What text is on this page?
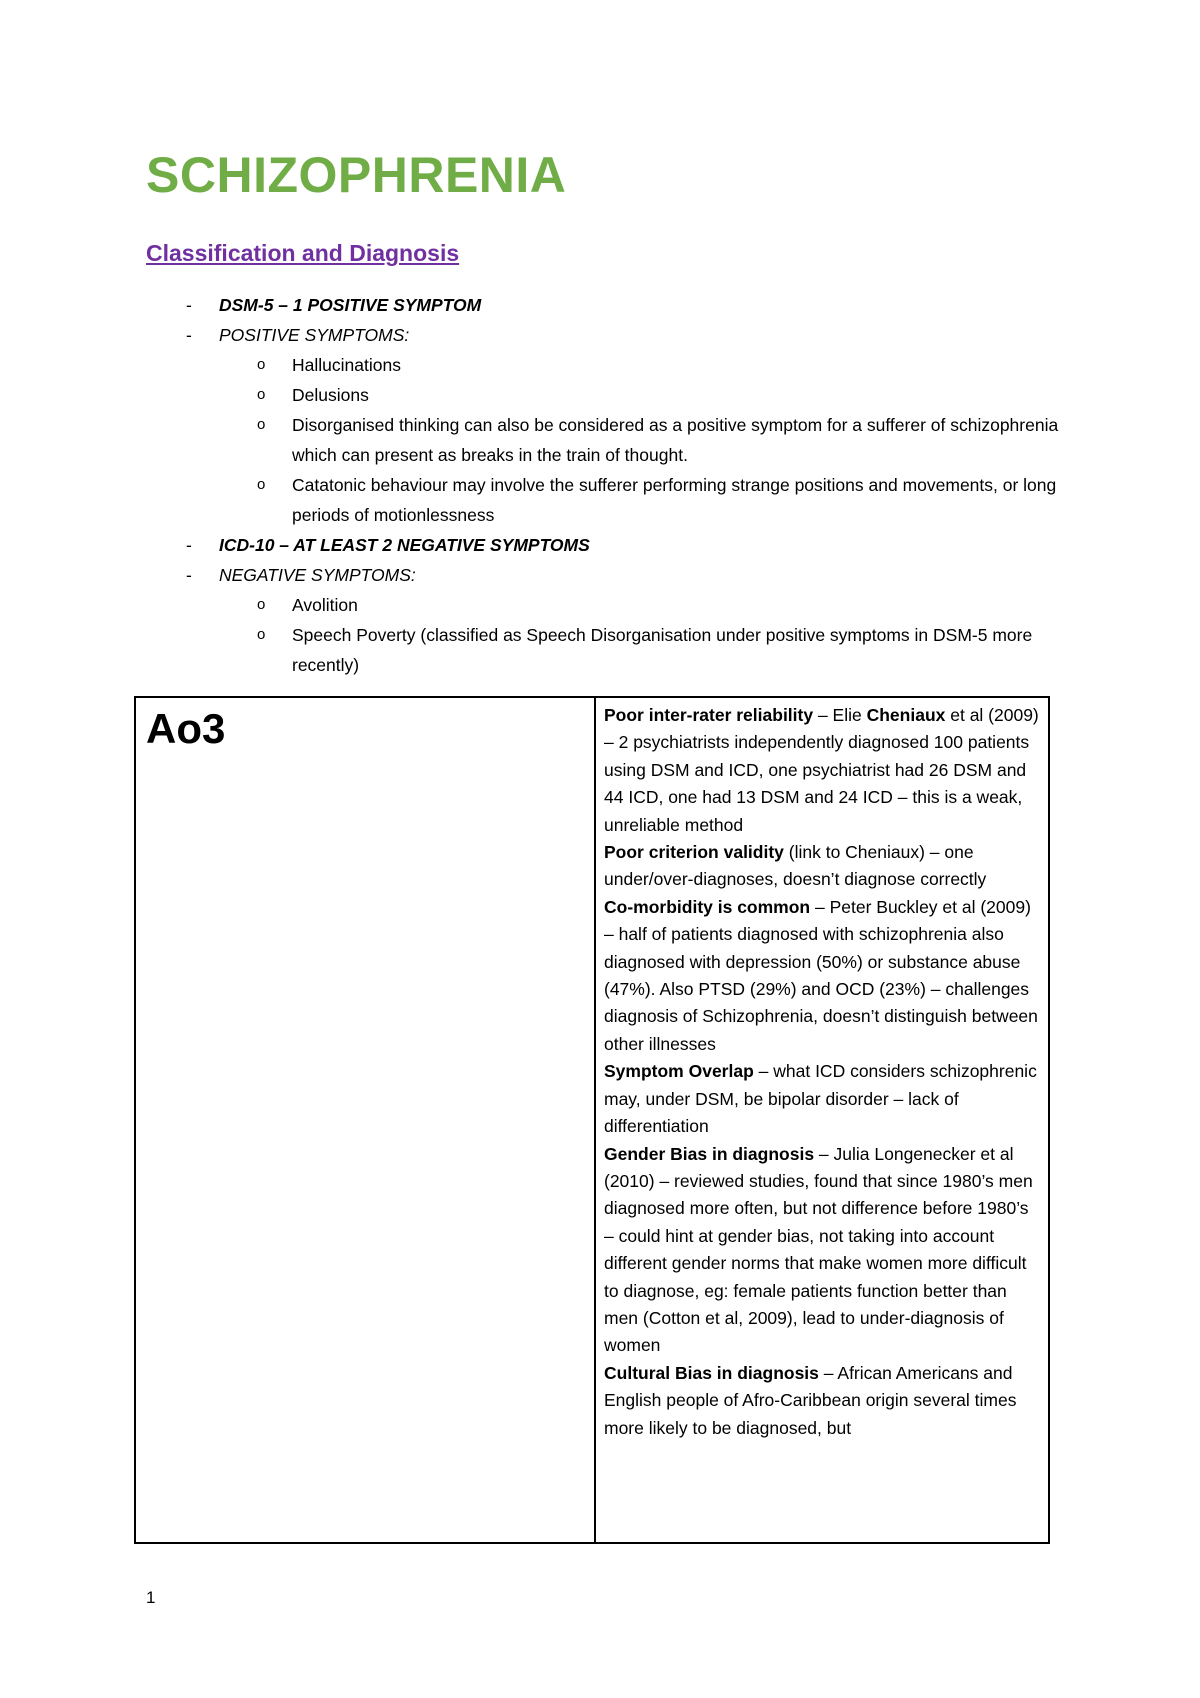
SCHIZOPHRENIA
Classification and Diagnosis
- DSM-5 – 1 POSITIVE SYMPTOM
- POSITIVE SYMPTOMS:
o Hallucinations
o Delusions
o Disorganised thinking can also be considered as a positive symptom for a sufferer of schizophrenia which can present as breaks in the train of thought.
o Catatonic behaviour may involve the sufferer performing strange positions and movements, or long periods of motionlessness
- ICD-10 – AT LEAST 2 NEGATIVE SYMPTOMS
- NEGATIVE SYMPTOMS:
o Avolition
o Speech Poverty (classified as Speech Disorganisation under positive symptoms in DSM-5 more recently)
Ao3	Poor inter-rater reliability – Elie Cheniaux et al (2009) – 2 psychiatrists independently diagnosed 100 patients using DSM and ICD, one psychiatrist had 26 DSM and 44 ICD, one had 13 DSM and 24 ICD – this is a weak, unreliable method

Poor criterion validity (link to Cheniaux) – one under/over-diagnoses, doesn’t diagnose correctly

Co-morbidity is common – Peter Buckley et al (2009) – half of patients diagnosed with schizophrenia also diagnosed with depression (50%) or substance abuse (47%). Also PTSD (29%) and OCD (23%) – challenges diagnosis of Schizophrenia, doesn’t distinguish between other illnesses

Symptom Overlap – what ICD considers schizophrenic may, under DSM, be bipolar disorder – lack of differentiation

Gender Bias in diagnosis – Julia Longenecker et al (2010) – reviewed studies, found that since 1980’s men diagnosed more often, but not difference before 1980’s – could hint at gender bias, not taking into account different gender norms that make women more difficult to diagnose, eg: female patients function better than men (Cotton et al, 2009), lead to under-diagnosis of women

Cultural Bias in diagnosis – African Americans and English people of Afro-Caribbean origin several times more likely to be diagnosed, but

1
